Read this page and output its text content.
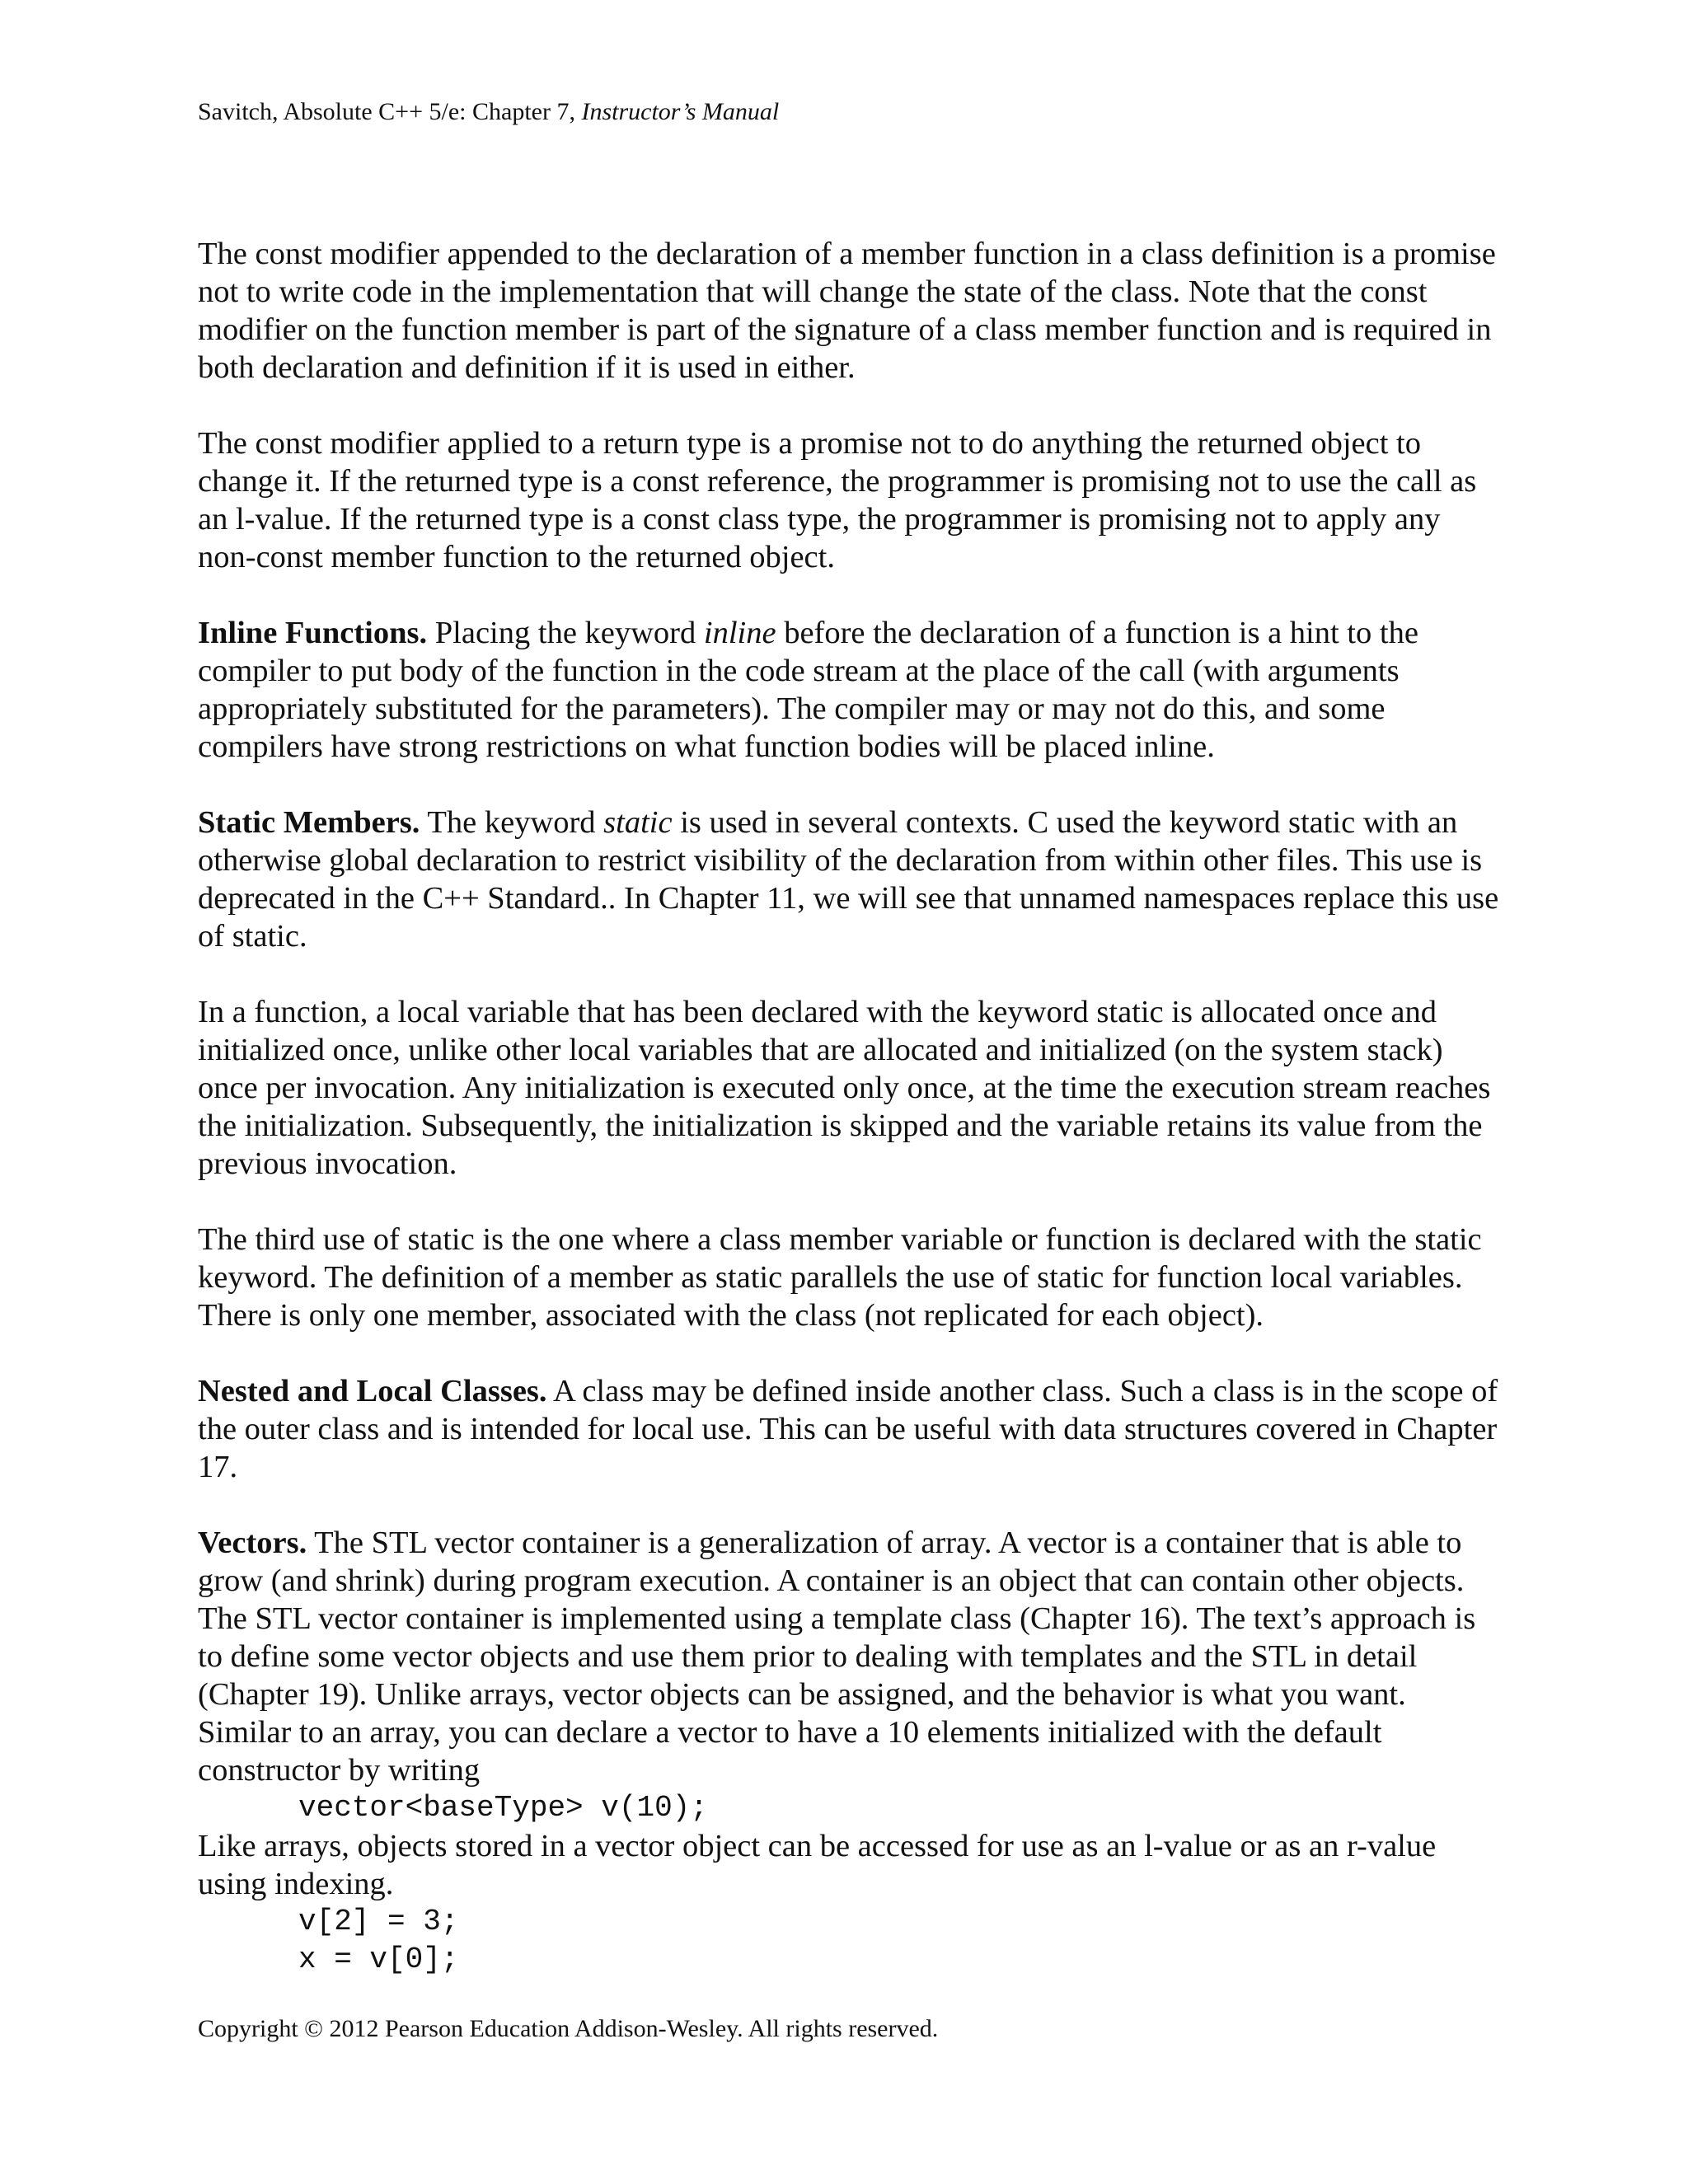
Savitch, Absolute C++ 5/e: Chapter 7, Instructor’s Manual

The const modifier appended to the declaration of a member function in a class definition is a promise not to write code in the implementation that will change the state of the class. Note that the const modifier on the function member is part of the signature of a class member function and is required in both declaration and definition if it is used in either.

The const modifier applied to a return type is a promise not to do anything the returned object to change it. If the returned type is a const reference, the programmer is promising not to use the call as an l-value. If the returned type is a const class type, the programmer is promising not to apply any non-const member function to the returned object.

Inline Functions. Placing the keyword inline before the declaration of a function is a hint to the compiler to put body of the function in the code stream at the place of the call (with arguments appropriately substituted for the parameters). The compiler may or may not do this, and some compilers have strong restrictions on what function bodies will be placed inline.

Static Members. The keyword static is used in several contexts. C used the keyword static with an otherwise global declaration to restrict visibility of the declaration from within other files. This use is deprecated in the C++ Standard.. In Chapter 11, we will see that unnamed namespaces replace this use of static.

In a function, a local variable that has been declared with the keyword static is allocated once and initialized once, unlike other local variables that are allocated and initialized (on the system stack) once per invocation. Any initialization is executed only once, at the time the execution stream reaches the initialization. Subsequently, the initialization is skipped and the variable retains its value from the previous invocation.

The third use of static is the one where a class member variable or function is declared with the static keyword. The definition of a member as static parallels the use of static for function local variables. There is only one member, associated with the class (not replicated for each object).

Nested and Local Classes. A class may be defined inside another class. Such a class is in the scope of the outer class and is intended for local use. This can be useful with data structures covered in Chapter 17.

Vectors. The STL vector container is a generalization of array. A vector is a container that is able to grow (and shrink) during program execution. A container is an object that can contain other objects. The STL vector container is implemented using a template class (Chapter 16). The text’s approach is to define some vector objects and use them prior to dealing with templates and the STL in detail (Chapter 19). Unlike arrays, vector objects can be assigned, and the behavior is what you want. Similar to an array, you can declare a vector to have a 10 elements initialized with the default constructor by writing

vector<baseType> v(10);

Like arrays, objects stored in a vector object can be accessed for use as an l-value or as an r-value using indexing.

v[2] = 3;
x = v[0];
Copyright © 2012 Pearson Education Addison-Wesley. All rights reserved.
